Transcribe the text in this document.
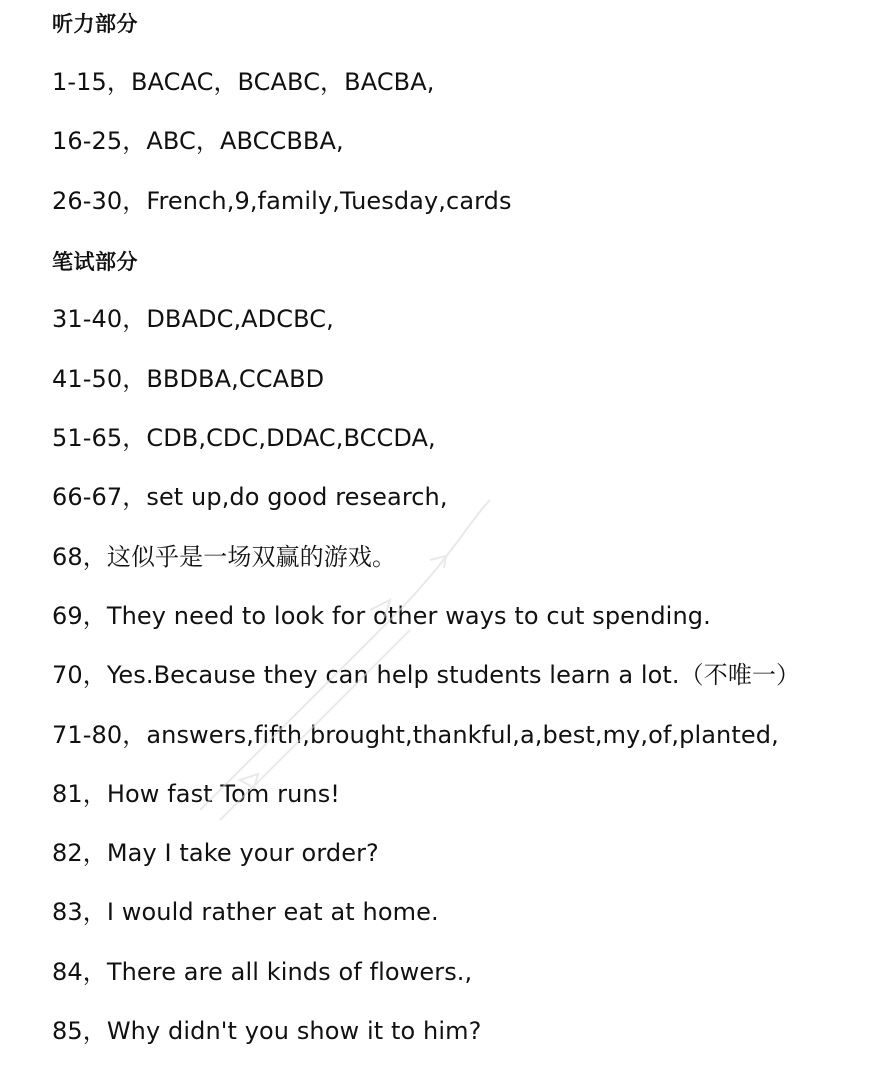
听力部分
1-15，BACAC，BCABC，BACBA,
16-25，ABC，ABCCBBA,
26-30，French,9,family,Tuesday,cards
笔试部分
31-40，DBADC,ADCBC,
41-50，BBDBA,CCABD
51-65，CDB,CDC,DDAC,BCCDA,
66-67，set up,do good research,
68，这似乎是一场双赢的游戏。
69，They need to look for other ways to cut spending.
70，Yes.Because they can help students learn a lot.（不唯一）
71-80，answers,fifth,brought,thankful,a,best,my,of,planted,
81，How fast Tom runs!
82，May I take your order?
83，I would rather eat at home.
84，There are all kinds of flowers.,
85，Why didn't you show it to him?
